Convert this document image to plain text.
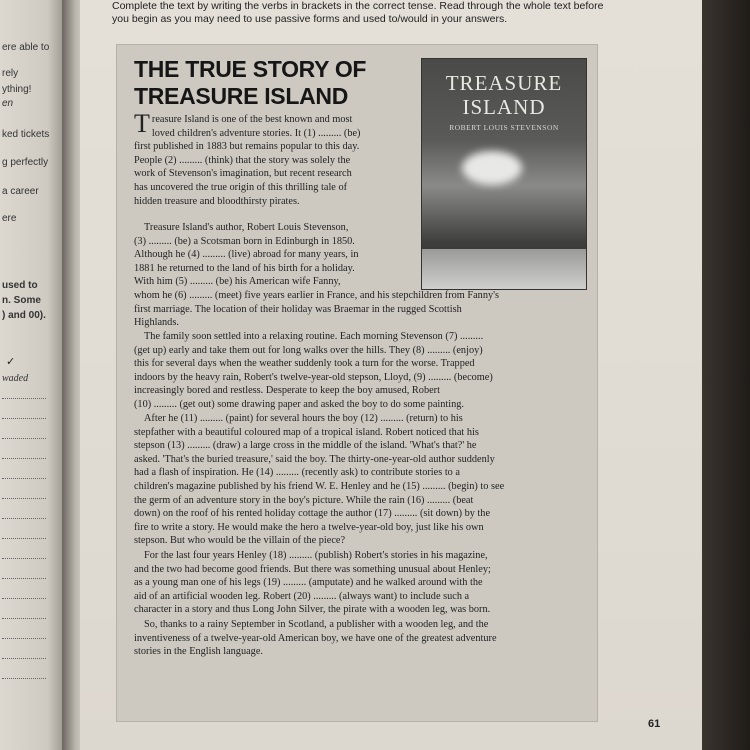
ere able to
rely
ything!
en
ked tickets
g perfectly
a career
ere
used to
n. Some
) and 00).
✓
waded
Complete the text by writing the verbs in brackets in the correct tense. Read through the whole text before you begin as you may need to use passive forms and used to/would in your answers.
THE TRUE STORY OF
TREASURE ISLAND	TREASURE
ISLAND
ROBERT LOUIS STEVENSON
T reasure Island is one of the best known and most
loved children's adventure stories. It (1) ......... (be)
first published in 1883 but remains popular to this day.
People (2) ......... (think) that the story was solely the
work of Stevenson's imagination, but recent research
has uncovered the true origin of this thrilling tale of
hidden treasure and bloodthirsty pirates.
Treasure Island's author, Robert Louis Stevenson,
(3) ......... (be) a Scotsman born in Edinburgh in 1850.
Although he (4) ......... (live) abroad for many years, in
1881 he returned to the land of his birth for a holiday.
With him (5) ......... (be) his American wife Fanny,
whom he (6) ......... (meet) five years earlier in France, and his stepchildren from Fanny's
first marriage. The location of their holiday was Braemar in the rugged Scottish
Highlands.
The family soon settled into a relaxing routine. Each morning Stevenson (7) .........
(get up) early and take them out for long walks over the hills. They (8) ......... (enjoy)
this for several days when the weather suddenly took a turn for the worse. Trapped
indoors by the heavy rain, Robert's twelve-year-old stepson, Lloyd, (9) ......... (become)
increasingly bored and restless. Desperate to keep the boy amused, Robert
(10) ......... (get out) some drawing paper and asked the boy to do some painting.
After he (11) ......... (paint) for several hours the boy (12) ......... (return) to his
stepfather with a beautiful coloured map of a tropical island. Robert noticed that his
stepson (13) ......... (draw) a large cross in the middle of the island. 'What's that?' he
asked. 'That's the buried treasure,' said the boy. The thirty-one-year-old author suddenly
had a flash of inspiration. He (14) ......... (recently ask) to contribute stories to a
children's magazine published by his friend W. E. Henley and he (15) ......... (begin) to see
the germ of an adventure story in the boy's picture. While the rain (16) ......... (beat
down) on the roof of his rented holiday cottage the author (17) ......... (sit down) by the
fire to write a story. He would make the hero a twelve-year-old boy, just like his own
stepson. But who would be the villain of the piece?
For the last four years Henley (18) ......... (publish) Robert's stories in his magazine,
and the two had become good friends. But there was something unusual about Henley;
as a young man one of his legs (19) ......... (amputate) and he walked around with the
aid of an artificial wooden leg. Robert (20) ......... (always want) to include such a
character in a story and thus Long John Silver, the pirate with a wooden leg, was born.
So, thanks to a rainy September in Scotland, a publisher with a wooden leg, and the
inventiveness of a twelve-year-old American boy, we have one of the greatest adventure
stories in the English language.
61
